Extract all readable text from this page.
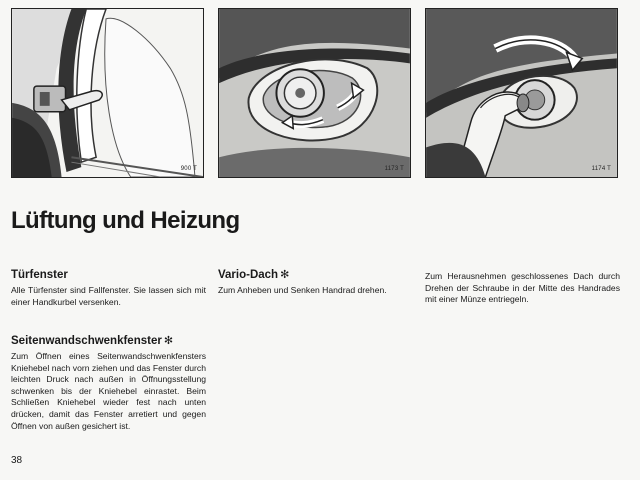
900 T	1173 T	1174 T
Lüftung und Heizung
Türfenster

Alle Türfenster sind Fallfenster. Sie lassen sich mit einer Handkurbel versenken.

Seitenwandschwenkfenster ✻

Zum Öffnen eines Seitenwandschwenkfensters Kniehebel nach vorn ziehen und das Fenster durch leichten Druck nach außen in Öffnungsstellung schwenken bis der Kniehebel einrastet. Beim Schließen Kniehebel wieder fest nach unten drücken, damit das Fenster arretiert und gegen Öffnen von außen gesichert ist.

Vario-Dach ✻

Zum Anheben und Senken Handrad drehen.

Zum Herausnehmen geschlossenes Dach durch Drehen der Schraube in der Mitte des Handrades mit einer Münze entriegeln.

38
